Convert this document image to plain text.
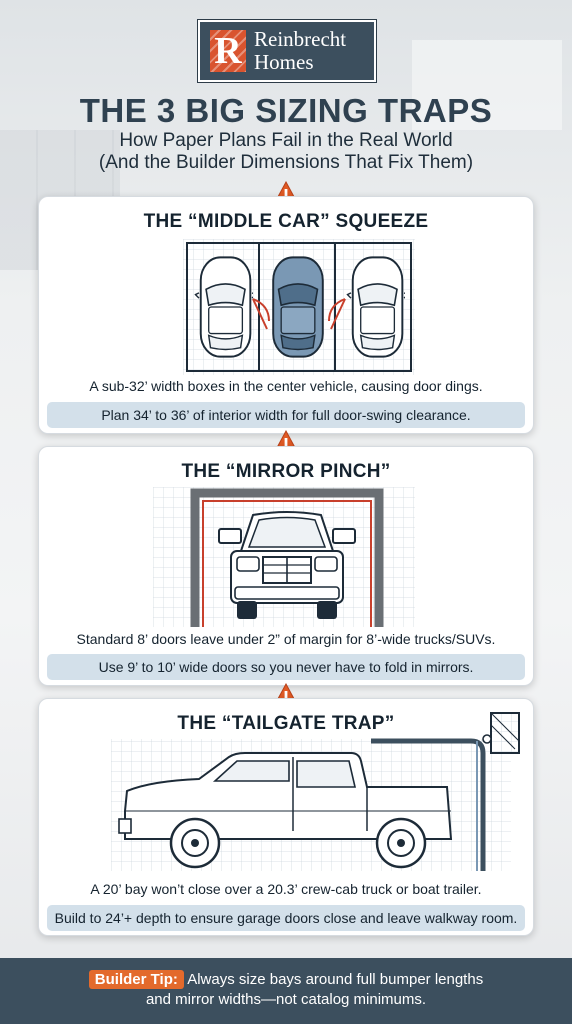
R Reinbrecht
Homes
THE 3 BIG SIZING TRAPS
How Paper Plans Fail in the Real World
(And the Builder Dimensions That Fix Them)
THE “MIDDLE CAR” SQUEEZE
A sub-32’ width boxes in the center vehicle, causing door dings.
Plan 34’ to 36’ of interior width for full door-swing clearance.
THE “MIRROR PINCH”
Standard 8’ doors leave under 2” of margin for 8’-wide trucks/SUVs.
Use 9’ to 10’ wide doors so you never have to fold in mirrors.
THE “TAILGATE TRAP”
A 20’ bay won’t close over a 20.3’ crew-cab truck or boat trailer.
Build to 24’+ depth to ensure garage doors close and leave walkway room.
Builder Tip: Always size bays around full bumper lengths
and mirror widths—not catalog minimums.
